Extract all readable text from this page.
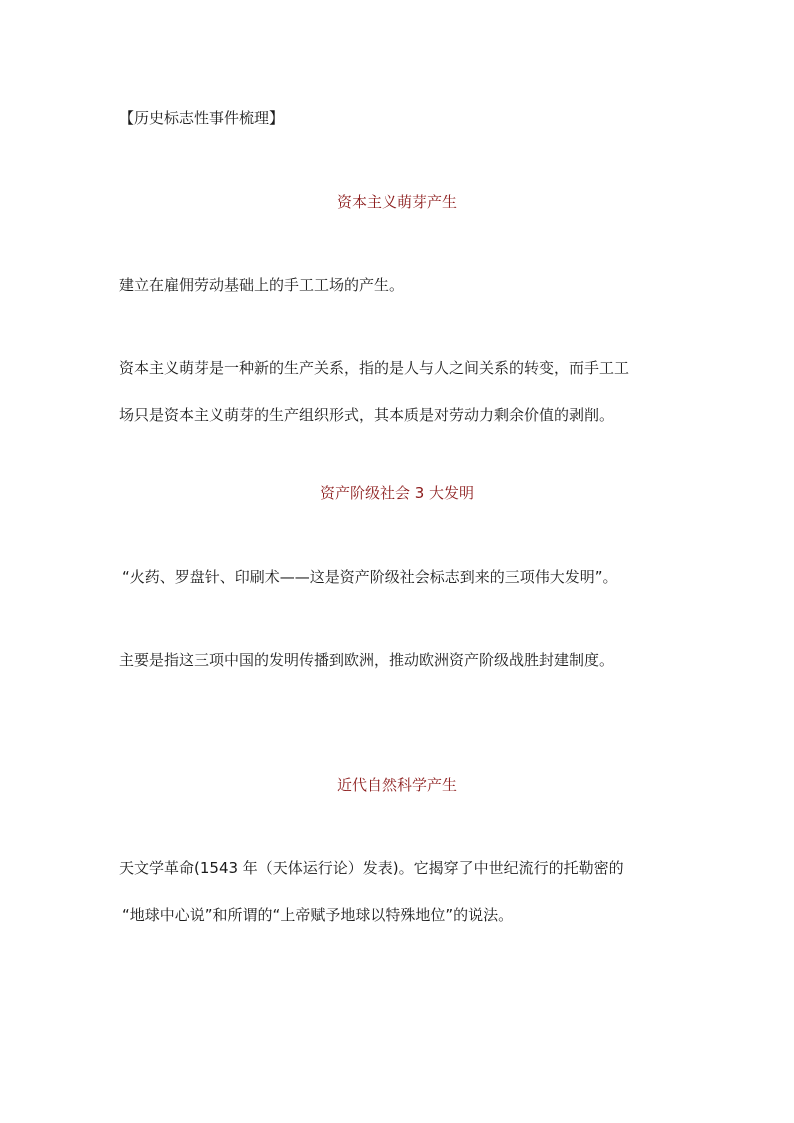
【历史标志性事件梳理】
资本主义萌芽产生
建立在雇佣劳动基础上的手工工场的产生。
资本主义萌芽是一种新的生产关系，指的是人与人之间关系的转变，而手工工
场只是资本主义萌芽的生产组织形式，其本质是对劳动力剩余价值的剥削。
资产阶级社会 3 大发明
“火药、罗盘针、印刷术——这是资产阶级社会标志到来的三项伟大发明”。
主要是指这三项中国的发明传播到欧洲，推动欧洲资产阶级战胜封建制度。
近代自然科学产生
天文学革命(1543 年（天体运行论）发表)。它揭穿了中世纪流行的托勒密的
“地球中心说”和所谓的“上帝赋予地球以特殊地位”的说法。
